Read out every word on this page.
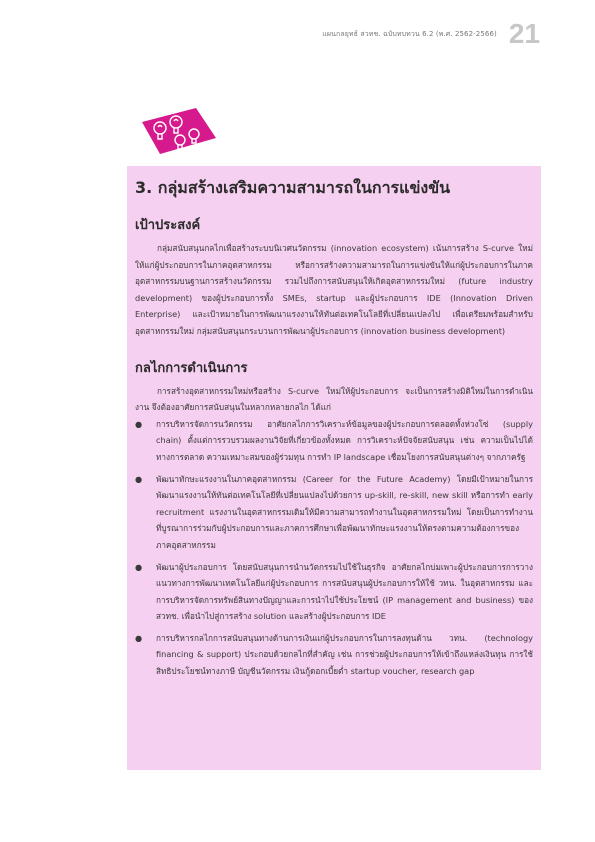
แผนกลยุทธ์ สวทช. ฉบับทบทวน 6.2 (พ.ศ. 2562-2566) 21
3. กลุ่มสร้างเสริมความสามารถในการแข่งขัน
เป้าประสงค์

กลุ่มสนับสนุนกลไกเพื่อสร้างระบบนิเวศนวัตกรรม (innovation ecosystem) เน้นการสร้าง S-curve ใหม่ให้แก่ผู้ประกอบการในภาคอุตสาหกรรม หรือการสร้างความสามารถในการแข่งขันให้แก่ผู้ประกอบการในภาคอุตสาหกรรมบนฐานการสร้างนวัตกรรม รวมไปถึงการสนับสนุนให้เกิดอุตสาหกรรมใหม่ (future industry development) ของผู้ประกอบการทั้ง SMEs, startup และผู้ประกอบการ IDE (Innovation Driven Enterprise) และเป้าหมายในการพัฒนาแรงงานให้ทันต่อเทคโนโลยีที่เปลี่ยนแปลงไป เพื่อเตรียมพร้อมสำหรับอุตสาหกรรมใหม่ กลุ่มสนับสนุนกระบวนการพัฒนาผู้ประกอบการ (innovation business development)

กลไกการดำเนินการ

การสร้างอุตสาหกรรมใหม่หรือสร้าง S-curve ใหม่ให้ผู้ประกอบการ จะเป็นการสร้างมิติใหม่ในการดำเนินงาน จึงต้องอาศัยการสนับสนุนในหลากหลายกลไก ได้แก่

● การบริหารจัดการนวัตกรรม อาศัยกลไกการวิเคราะห์ข้อมูลของผู้ประกอบการตลอดทั้งห่วงโซ่ (supply chain) ตั้งแต่การรวบรวมผลงานวิจัยที่เกี่ยวข้องทั้งหมด การวิเคราะห์ปัจจัยสนับสนุน เช่น ความเป็นไปได้ทางการตลาด ความเหมาะสมของผู้ร่วมทุน การทำ IP landscape เชื่อมโยงการสนับสนุนต่างๆ จากภาครัฐ

● พัฒนาทักษะแรงงานในภาคอุตสาหกรรม (Career for the Future Academy) โดยมีเป้าหมายในการพัฒนาแรงงานให้ทันต่อเทคโนโลยีที่เปลี่ยนแปลงไปด้วยการ up-skill, re-skill, new skill หรือการทำ early recruitment แรงงานในอุตสาหกรรมเดิมให้มีความสามารถทำงานในอุตสาหกรรมใหม่ โดยเป็นการทำงานที่บูรณาการร่วมกับผู้ประกอบการและภาคการศึกษาเพื่อพัฒนาทักษะแรงงานให้ตรงตามความต้องการของภาคอุตสาหกรรม

● พัฒนาผู้ประกอบการ โดยสนับสนุนการนำนวัตกรรมไปใช้ในธุรกิจ อาศัยกลไกบ่มเพาะผู้ประกอบการการวางแนวทางการพัฒนาเทคโนโลยีแก่ผู้ประกอบการ การสนับสนุนผู้ประกอบการให้ใช้ วทน. ในอุตสาหกรรม และการบริหารจัดการทรัพย์สินทางปัญญาและการนำไปใช้ประโยชน์ (IP management and business) ของ สวทช. เพื่อนำไปสู่การสร้าง solution และสร้างผู้ประกอบการ IDE

● การบริหารกลไกการสนับสนุนทางด้านการเงินแก่ผู้ประกอบการในการลงทุนด้าน วทน. (technology financing & support) ประกอบด้วยกลไกที่สำคัญ เช่น การช่วยผู้ประกอบการให้เข้าถึงแหล่งเงินทุน การใช้สิทธิประโยชน์ทางภาษี บัญชีนวัตกรรม เงินกู้ดอกเบี้ยต่ำ startup voucher, research gap
